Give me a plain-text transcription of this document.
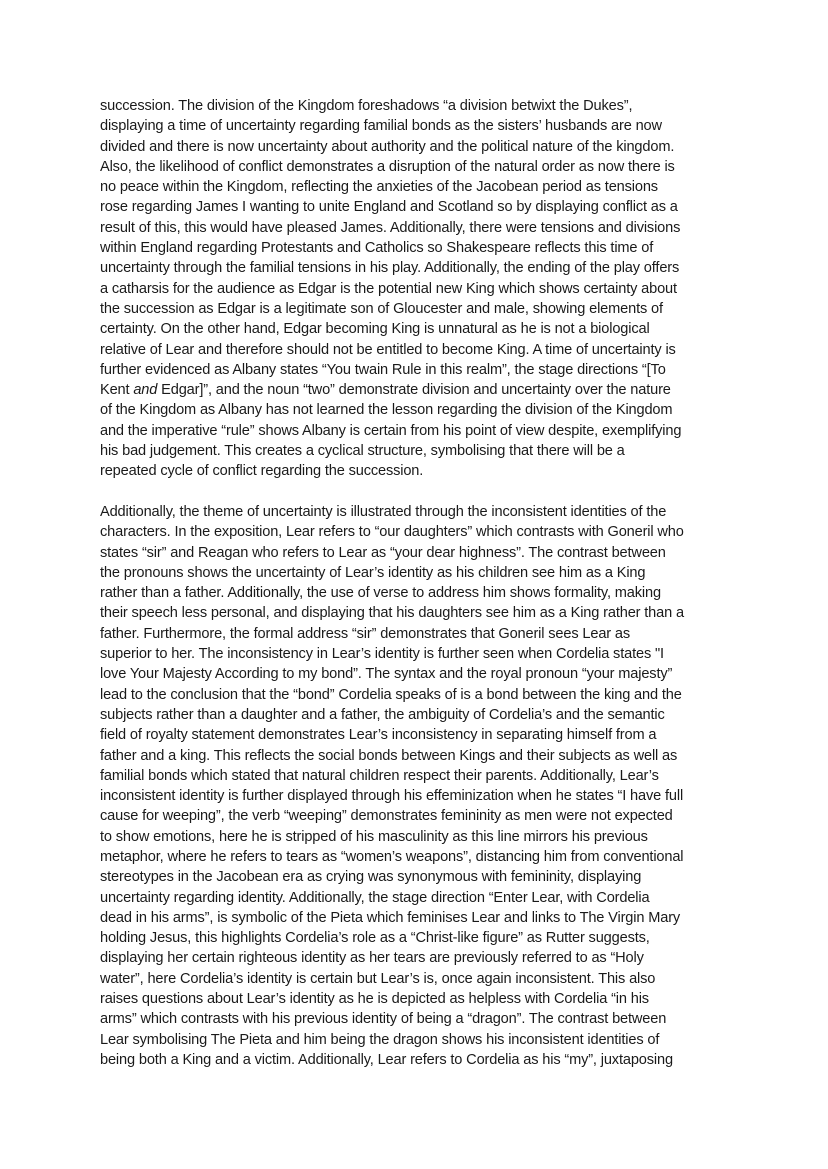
succession. The division of the Kingdom foreshadows “a division betwixt the Dukes”,
displaying a time of uncertainty regarding familial bonds as the sisters’ husbands are now
divided and there is now uncertainty about authority and the political nature of the kingdom.
Also, the likelihood of conflict demonstrates a disruption of the natural order as now there is
no peace within the Kingdom, reflecting the anxieties of the Jacobean period as tensions
rose regarding James I wanting to unite England and Scotland so by displaying conflict as a
result of this, this would have pleased James. Additionally, there were tensions and divisions
within England regarding Protestants and Catholics so Shakespeare reflects this time of
uncertainty through the familial tensions in his play. Additionally, the ending of the play offers
a catharsis for the audience as Edgar is the potential new King which shows certainty about
the succession as Edgar is a legitimate son of Gloucester and male, showing elements of
certainty. On the other hand, Edgar becoming King is unnatural as he is not a biological
relative of Lear and therefore should not be entitled to become King. A time of uncertainty is
further evidenced as Albany states “You twain Rule in this realm”, the stage directions “[To
Kent and Edgar]”, and the noun “two” demonstrate division and uncertainty over the nature
of the Kingdom as Albany has not learned the lesson regarding the division of the Kingdom
and the imperative “rule” shows Albany is certain from his point of view despite, exemplifying
his bad judgement. This creates a cyclical structure, symbolising that there will be a
repeated cycle of conflict regarding the succession.

Additionally, the theme of uncertainty is illustrated through the inconsistent identities of the
characters. In the exposition, Lear refers to “our daughters” which contrasts with Goneril who
states “sir” and Reagan who refers to Lear as “your dear highness”. The contrast between
the pronouns shows the uncertainty of Lear’s identity as his children see him as a King
rather than a father. Additionally, the use of verse to address him shows formality, making
their speech less personal, and displaying that his daughters see him as a King rather than a
father. Furthermore, the formal address “sir” demonstrates that Goneril sees Lear as
superior to her. The inconsistency in Lear’s identity is further seen when Cordelia states "I
love Your Majesty According to my bond”. The syntax and the royal pronoun “your majesty”
lead to the conclusion that the “bond” Cordelia speaks of is a bond between the king and the
subjects rather than a daughter and a father, the ambiguity of Cordelia’s and the semantic
field of royalty statement demonstrates Lear’s inconsistency in separating himself from a
father and a king. This reflects the social bonds between Kings and their subjects as well as
familial bonds which stated that natural children respect their parents. Additionally, Lear’s
inconsistent identity is further displayed through his effeminization when he states “I have full
cause for weeping”, the verb “weeping” demonstrates femininity as men were not expected
to show emotions, here he is stripped of his masculinity as this line mirrors his previous
metaphor, where he refers to tears as “women’s weapons”, distancing him from conventional
stereotypes in the Jacobean era as crying was synonymous with femininity, displaying
uncertainty regarding identity. Additionally, the stage direction “Enter Lear, with Cordelia
dead in his arms”, is symbolic of the Pieta which feminises Lear and links to The Virgin Mary
holding Jesus, this highlights Cordelia’s role as a “Christ-like figure” as Rutter suggests,
displaying her certain righteous identity as her tears are previously referred to as “Holy
water”, here Cordelia’s identity is certain but Lear’s is, once again inconsistent. This also
raises questions about Lear’s identity as he is depicted as helpless with Cordelia “in his
arms” which contrasts with his previous identity of being a “dragon”. The contrast between
Lear symbolising The Pieta and him being the dragon shows his inconsistent identities of
being both a King and a victim. Additionally, Lear refers to Cordelia as his “my”, juxtaposing
